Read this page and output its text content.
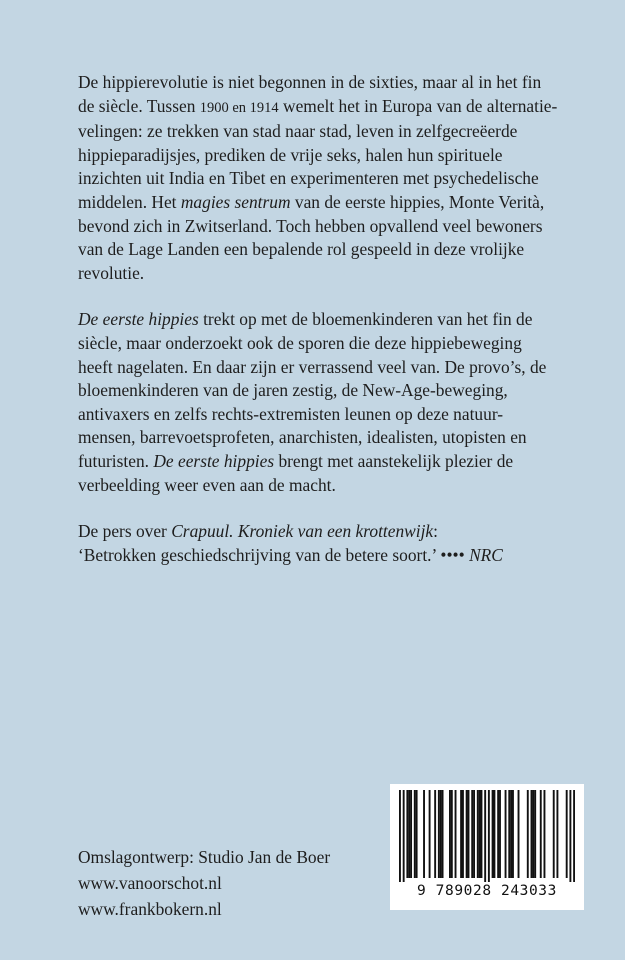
De hippierevolutie is niet begonnen in de sixties, maar al in het fin
de siècle. Tussen 1900 en 1914 wemelt het in Europa van de alternatie-
velingen: ze trekken van stad naar stad, leven in zelfgecreëerde
hippieparadijsjes, prediken de vrije seks, halen hun spirituele
inzichten uit India en Tibet en experimenteren met psychedelische
middelen. Het magies sentrum van de eerste hippies, Monte Verità,
bevond zich in Zwitserland. Toch hebben opvallend veel bewoners
van de Lage Landen een bepalende rol gespeeld in deze vrolijke
revolutie.

De eerste hippies trekt op met de bloemenkinderen van het fin de
siècle, maar onderzoekt ook de sporen die deze hippiebeweging
heeft nagelaten. En daar zijn er verrassend veel van. De provo’s, de
bloemenkinderen van de jaren zestig, de New-Age-beweging,
antivaxers en zelfs rechts-extremisten leunen op deze natuur-
mensen, barrevoetsprofeten, anarchisten, idealisten, utopisten en
futuristen. De eerste hippies brengt met aanstekelijk plezier de
verbeelding weer even aan de macht.

De pers over Crapuul. Kroniek van een krottenwijk:
‘Betrokken geschiedschrijving van de betere soort.’ •••• NRC

Omslagontwerp: Studio Jan de Boer
www.vanoorschot.nl
www.frankbokern.nl
9 789028 243033
